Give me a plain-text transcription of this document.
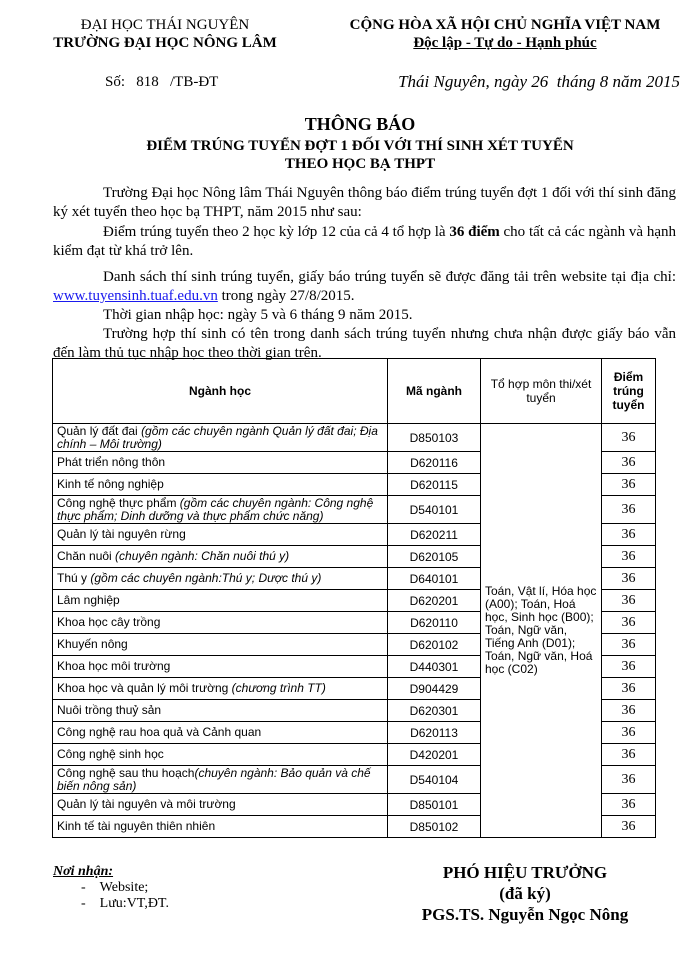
ĐẠI HỌC THÁI NGUYÊN
TRƯỜNG ĐẠI HỌC NÔNG LÂM
CỘNG HÒA XÃ HỘI CHỦ NGHĨA VIỆT NAM
Độc lập - Tự do - Hạnh phúc
Số:   818   /TB-ĐT	Thái Nguyên, ngày 26  tháng 8 năm 2015
THÔNG BÁO
ĐIỂM TRÚNG TUYỂN ĐỢT 1 ĐỐI VỚI THÍ SINH XÉT TUYỂN
THEO HỌC BẠ THPT
Trường Đại học Nông lâm Thái Nguyên thông báo điểm trúng tuyển đợt 1 đối với thí sinh đăng ký xét tuyển theo học bạ THPT, năm 2015 như sau:
Điểm trúng tuyển theo 2 học kỳ lớp 12 của cả 4 tổ hợp là 36 điểm cho tất cả các ngành và hạnh kiểm đạt từ khá trở lên.
Danh sách thí sinh trúng tuyển, giấy báo trúng tuyển sẽ được đăng tải trên website tại địa chỉ: www.tuyensinh.tuaf.edu.vn trong ngày 27/8/2015.
Thời gian nhập học: ngày 5 và 6 tháng 9 năm 2015.
Trường hợp thí sinh có tên trong danh sách trúng tuyển nhưng chưa nhận được giấy báo vẫn đến làm thủ tục nhập học theo thời gian trên.
Ngành học	Mã ngành	Tổ hợp môn thi/xét tuyển	Điểm trúng tuyển
Quản lý đất đai (gồm các chuyên ngành Quản lý đất đai; Địa chính – Môi trường)	D850103	Toán, Vật lí, Hóa học (A00); Toán, Hoá học, Sinh học (B00); Toán, Ngữ văn, Tiếng Anh (D01); Toán, Ngữ văn, Hoá học (C02)	36
Phát triển nông thôn	D620116		36
Kinh tế nông nghiệp	D620115		36
Công nghệ thực phẩm (gồm các chuyên ngành: Công nghệ thực phẩm; Dinh dưỡng và thực phẩm chức năng)	D540101		36
Quản lý tài nguyên rừng	D620211		36
Chăn nuôi (chuyên ngành: Chăn nuôi thú y)	D620105		36
Thú y (gồm các chuyên ngành:Thú y; Dược thú y)	D640101		36
Lâm nghiệp	D620201		36
Khoa học cây trồng	D620110		36
Khuyến nông	D620102		36
Khoa học môi trường	D440301		36
Khoa học và quản lý môi trường (chương trình TT)	D904429		36
Nuôi trồng thuỷ sản	D620301		36
Công nghệ rau hoa quả và Cảnh quan	D620113		36
Công nghệ sinh học	D420201		36
Công nghệ sau thu hoạch(chuyên ngành: Bảo quản và chế biến nông sản)	D540104		36
Quản lý tài nguyên và môi trường	D850101		36
Kinh tế tài nguyên thiên nhiên	D850102		36
Nơi nhận:
-    Website;
-    Lưu:VT,ĐT.
PHÓ HIỆU TRƯỞNG
(đã ký)
PGS.TS. Nguyễn Ngọc Nông
